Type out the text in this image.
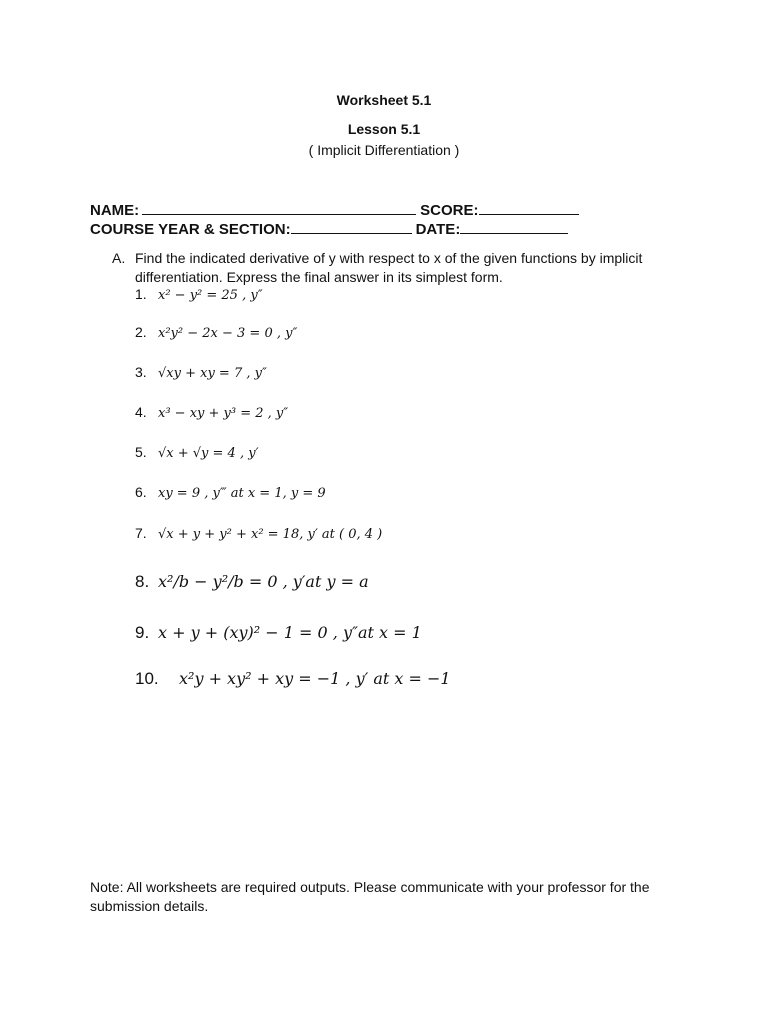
Worksheet 5.1
Lesson 5.1
( Implicit Differentiation )
NAME:	SCORE:
COURSE YEAR & SECTION:	DATE:
A. Find the indicated derivative of y with respect to x of the given functions by implicit differentiation. Express the final answer in its simplest form.
1. x² − y² = 25 , y″
2. x²y² − 2x − 3 = 0 , y″
3. √xy + xy = 7 , y″
4. x³ − xy + y³ = 2 , y″
5. √x + √y = 4 , y′
6. xy = 9 , y‴ at x = 1, y = 9
7. √x + y + y² + x² = 18, y′ at ( 0, 4 )
8. x²/b − y²/b = 0 , y′at y = a
9. x + y + (xy)² − 1 = 0 , y″at x = 1
10.	x²y + xy² + xy = −1 , y′ at x = −1
Note: All worksheets are required outputs. Please communicate with your professor for the submission details.
